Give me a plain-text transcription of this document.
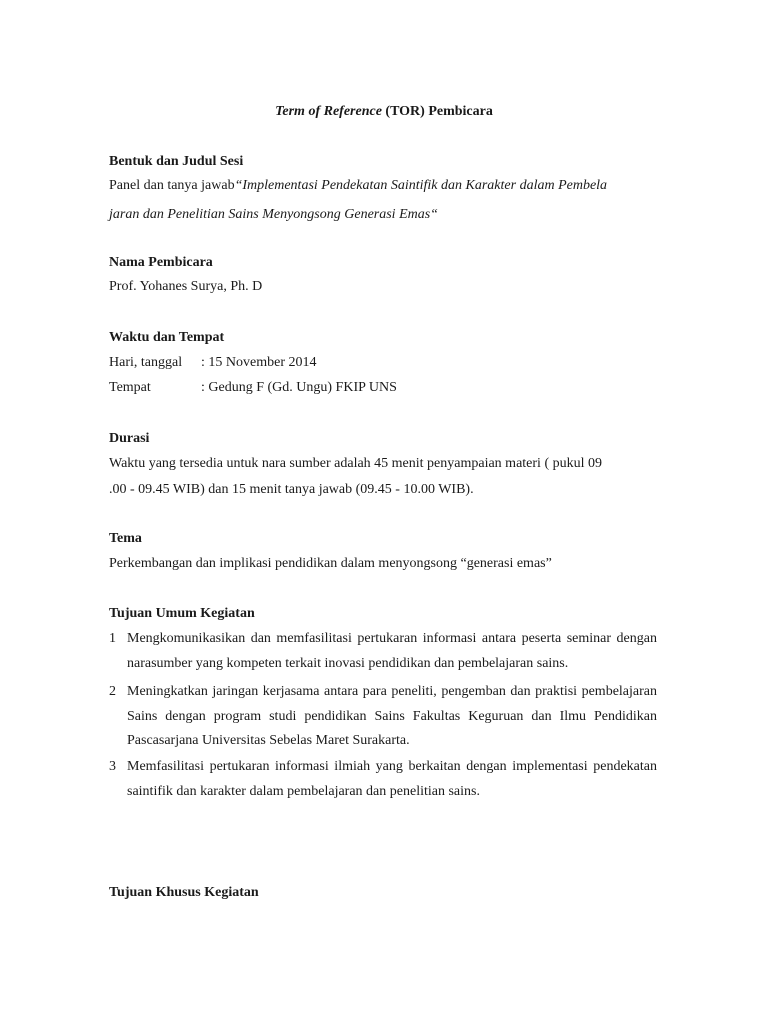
Term of Reference (TOR) Pembicara
Bentuk dan Judul Sesi

Panel dan tanya jawab“Implementasi Pendekatan Saintifik dan Karakter dalam Pembela

jaran dan Penelitian Sains Menyongsong Generasi Emas“

Nama Pembicara

Prof. Yohanes Surya, Ph. D

Waktu dan Tempat

Hari, tanggal : 15 November 2014

Tempat	: Gedung F (Gd. Ungu) FKIP UNS

Durasi

Waktu yang tersedia untuk nara sumber adalah 45 menit penyampaian materi ( pukul 09

.00 - 09.45 WIB) dan 15 menit tanya jawab (09.45 - 10.00 WIB).

Tema

Perkembangan dan implikasi pendidikan dalam menyongsong “generasi emas”

Tujuan Umum Kegiatan
1 Mengkomunikasikan dan memfasilitasi pertukaran informasi antara peserta seminar dengan narasumber yang kompeten terkait inovasi pendidikan dan pembelajaran sains.
2 Meningkatkan jaringan kerjasama antara para peneliti, pengemban dan praktisi pembelajaran Sains dengan program studi pendidikan Sains Fakultas Keguruan dan Ilmu Pendidikan Pascasarjana Universitas Sebelas Maret Surakarta.
3 Memfasilitasi pertukaran informasi ilmiah yang berkaitan dengan implementasi pendekatan saintifik dan karakter dalam pembelajaran dan penelitian sains.
Tujuan Khusus Kegiatan
